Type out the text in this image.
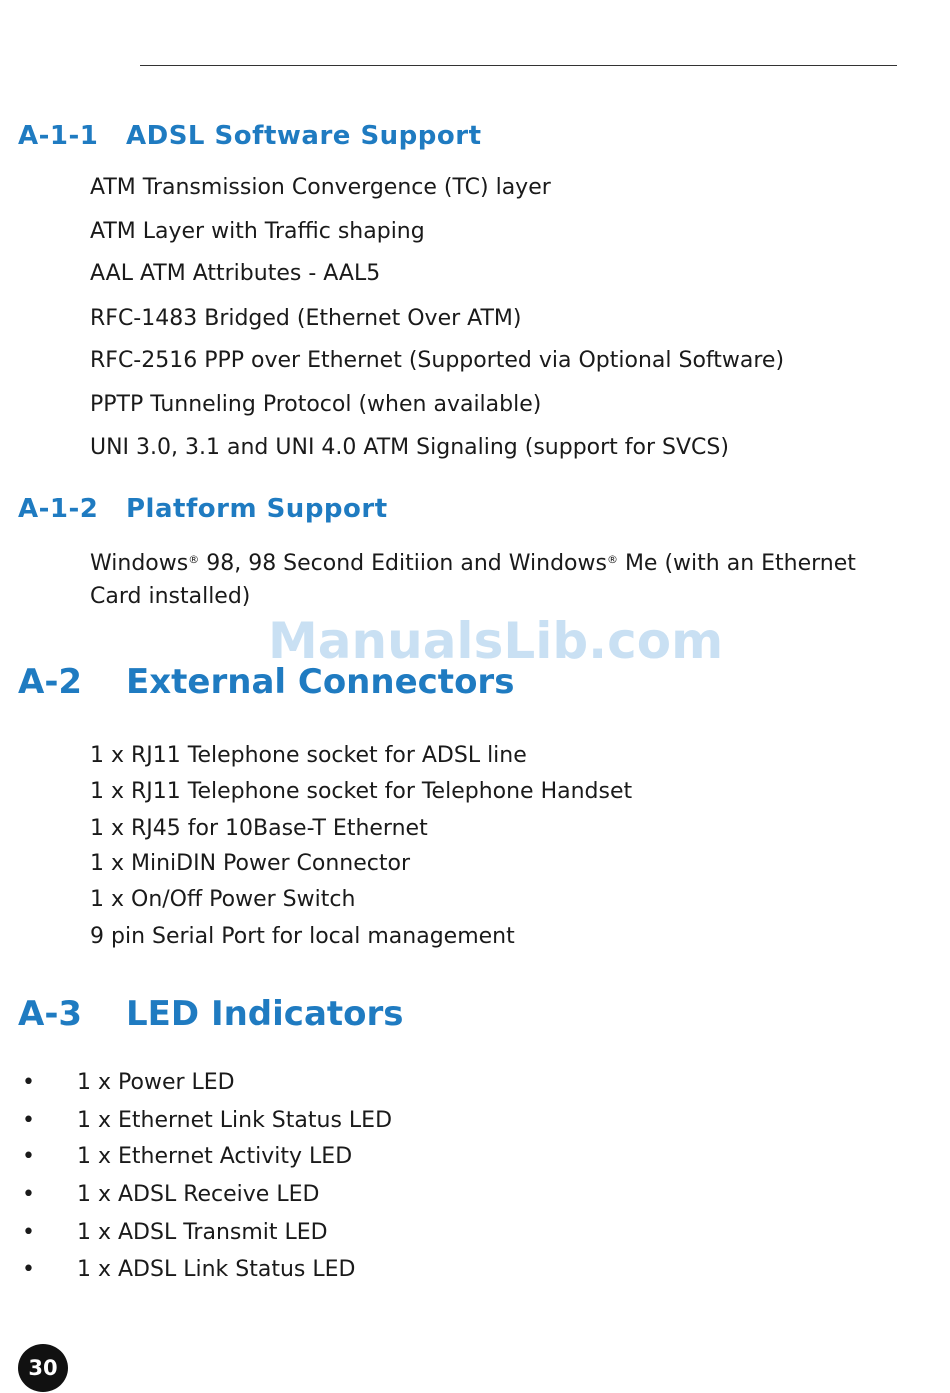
A-1-1 ADSL Software Support

ATM Transmission Convergence (TC) layer

ATM Layer with Traffic shaping

AAL ATM Attributes - AAL5

RFC-1483 Bridged (Ethernet Over ATM)

RFC-2516 PPP over Ethernet (Supported via Optional Software)

PPTP Tunneling Protocol (when available)

UNI 3.0, 3.1 and UNI 4.0 ATM Signaling (support for SVCS)

A-1-2 Platform Support

Windows® 98, 98 Second Editiion and Windows® Me (with an Ethernet Card installed)

ManualsLib.com
A-2 External Connectors

1 x RJ11 Telephone socket for ADSL line

1 x RJ11 Telephone socket for Telephone Handset

1 x RJ45 for 10Base-T Ethernet

1 x MiniDIN Power Connector

1 x On/Off Power Switch

9 pin Serial Port for local management

A-3 LED Indicators

• 1 x Power LED

• 1 x Ethernet Link Status LED

• 1 x Ethernet Activity LED

• 1 x ADSL Receive LED

• 1 x ADSL Transmit LED

• 1 x ADSL Link Status LED

30
